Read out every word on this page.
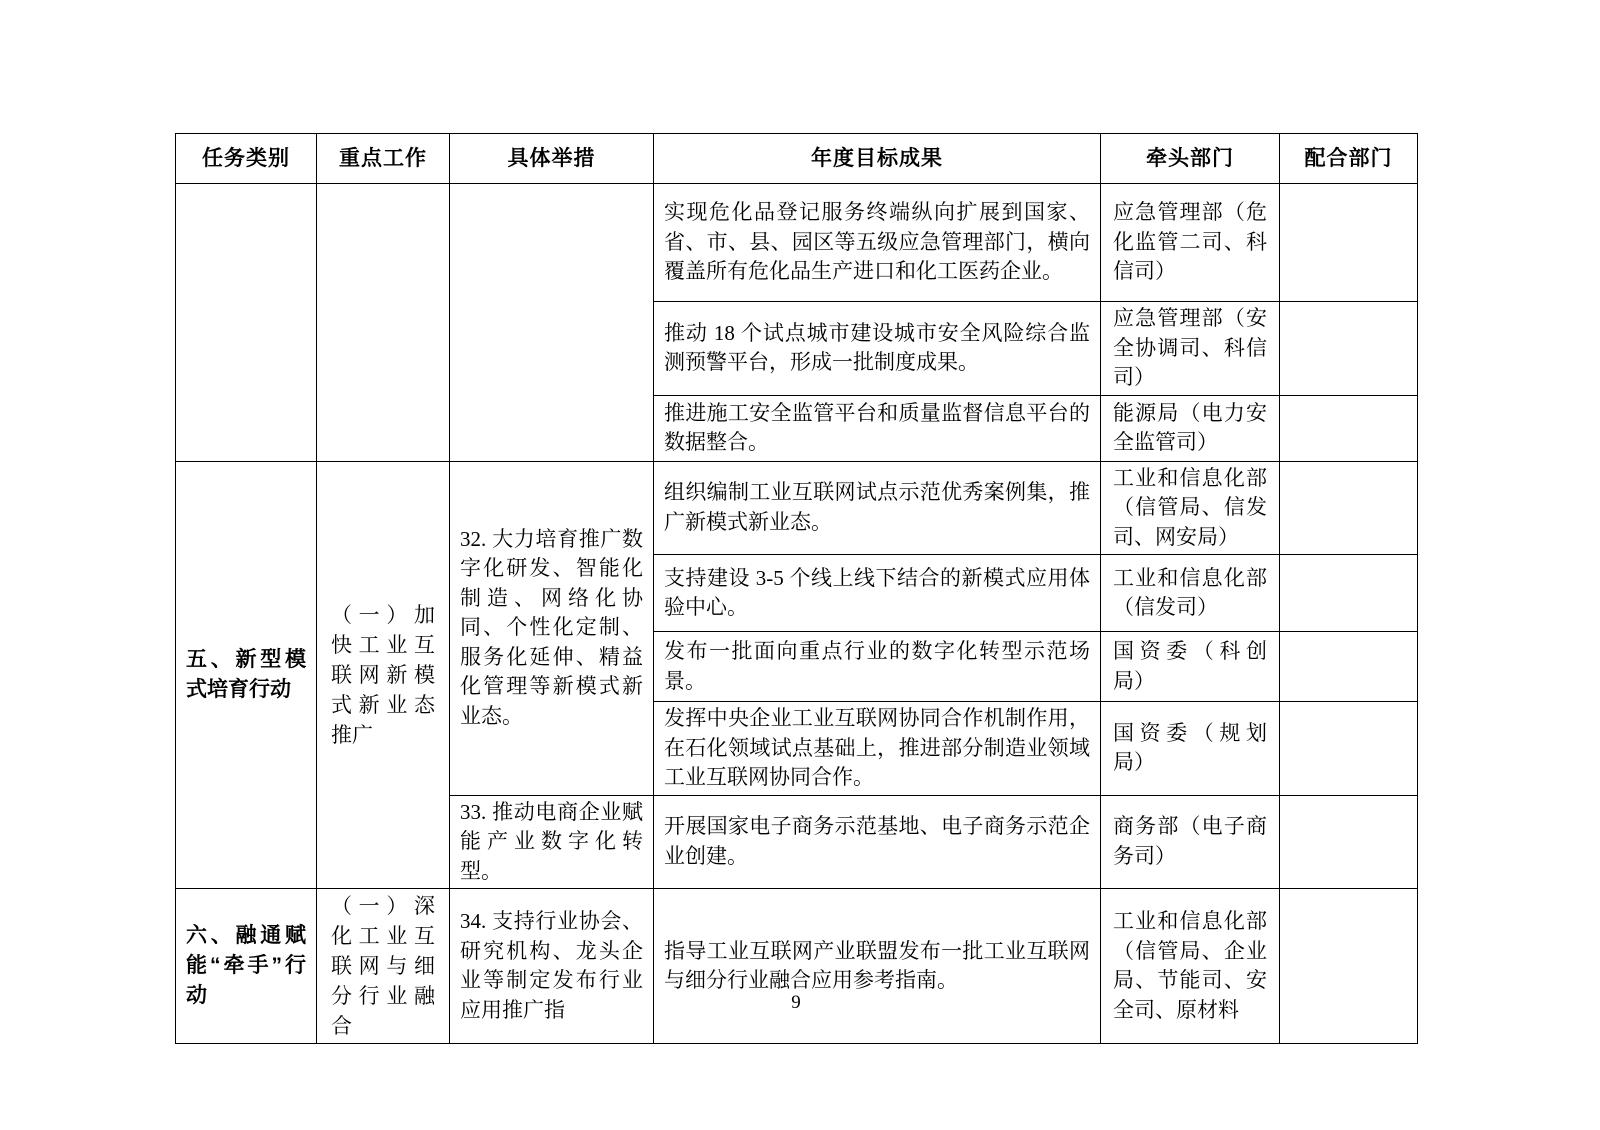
任务类别	重点工作	具体举措	年度目标成果	牵头部门	配合部门

			实现危化品登记服务终端纵向扩展到国家、省、市、县、园区等五级应急管理部门，横向覆盖所有危化品生产进口和化工医药企业。	应急管理部（危化监管二司、科信司）	

			推动 18 个试点城市建设城市安全风险综合监测预警平台，形成一批制度成果。	应急管理部（安全协调司、科信司）	

			推进施工安全监管平台和质量监督信息平台的数据整合。	能源局（电力安全监管司）	

五、新型模式培育行动	（一）加快工业互联网新模式新业态推广	32. 大力培育推广数字化研发、智能化制造、网络化协同、个性化定制、服务化延伸、精益化管理等新模式新业态。	组织编制工业互联网试点示范优秀案例集，推广新模式新业态。	工业和信息化部（信管局、信发司、网安局）	

			支持建设 3-5 个线上线下结合的新模式应用体验中心。	工业和信息化部（信发司）	

			发布一批面向重点行业的数字化转型示范场景。	国资委（科创局）	

			发挥中央企业工业互联网协同合作机制作用，在石化领域试点基础上，推进部分制造业领域工业互联网协同合作。	国资委（规划局）	

		33. 推动电商企业赋能产业数字化转型。	开展国家电子商务示范基地、电子商务示范企业创建。	商务部（电子商务司）	

六、融通赋能“牵手”行动	（一）深化工业互联网与细分行业融合	34. 支持行业协会、研究机构、龙头企业等制定发布行业应用推广指	指导工业互联网产业联盟发布一批工业互联网与细分行业融合应用参考指南。	工业和信息化部（信管局、企业局、节能司、安全司、原材料	

9
